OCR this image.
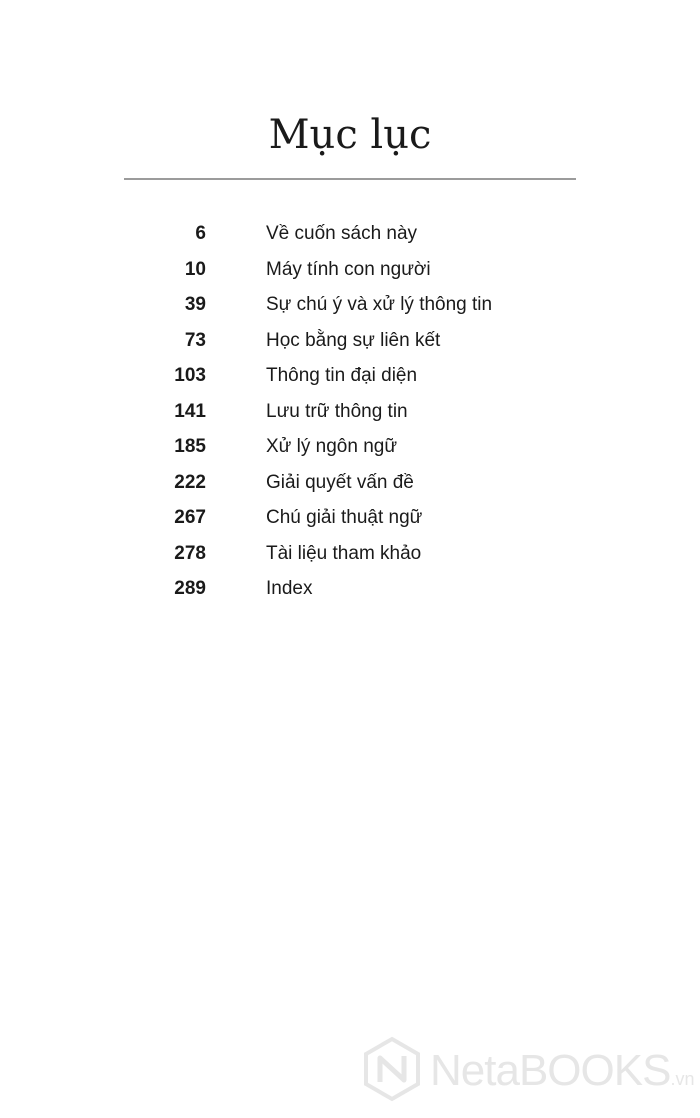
Mục lục
6	Về cuốn sách này
10	Máy tính con người
39	Sự chú ý và xử lý thông tin
73	Học bằng sự liên kết
103	Thông tin đại diện
141	Lưu trữ thông tin
185	Xử lý ngôn ngữ
222	Giải quyết vấn đề
267	Chú giải thuật ngữ
278	Tài liệu tham khảo
289	Index
NetaBOOKS.vn
